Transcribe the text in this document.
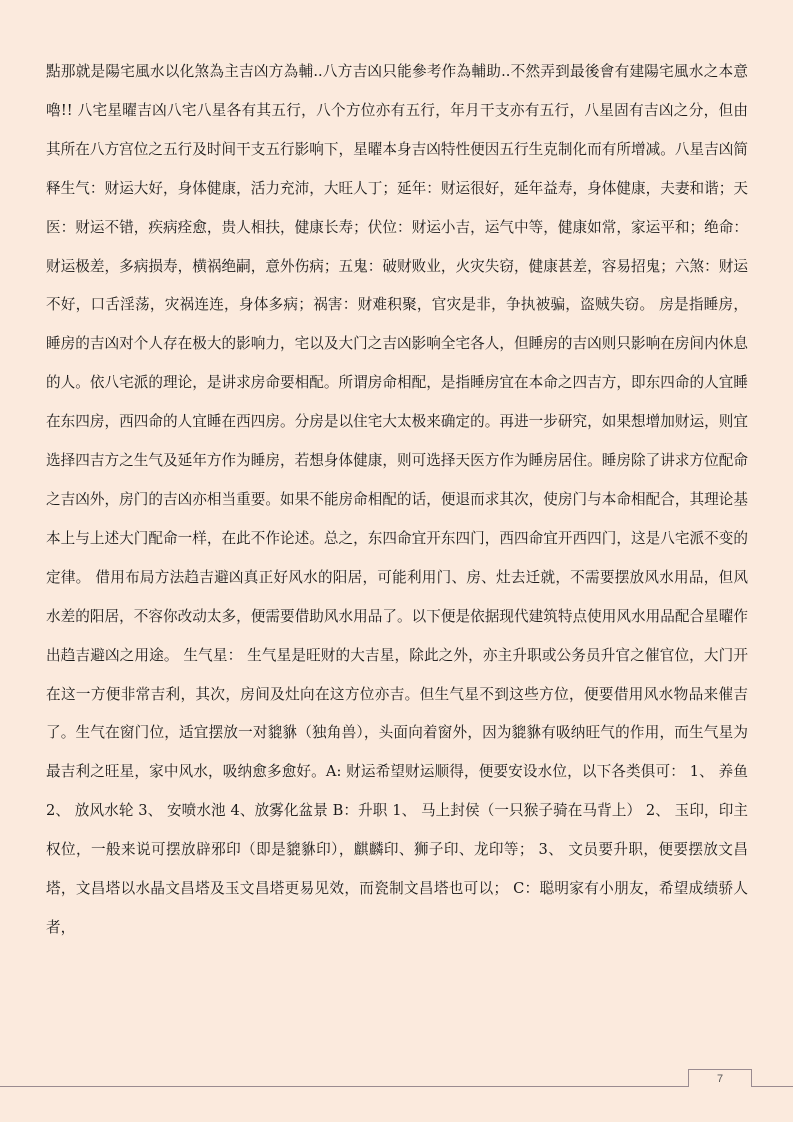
點那就是陽宅風水以化煞為主吉凶方為輔..八方吉凶只能參考作為輔助..不然弄到最後會有建陽宅風水之本意嚕!! 八宅星曜吉凶八宅八星各有其五行，八个方位亦有五行，年月干支亦有五行，八星固有吉凶之分，但由其所在八方宫位之五行及时间干支五行影响下，星曜本身吉凶特性便因五行生克制化而有所增减。八星吉凶简释生气：财运大好，身体健康，活力充沛，大旺人丁；延年：财运很好，延年益寿，身体健康，夫妻和谐；天医：财运不错，疾病痊愈，贵人相扶，健康长寿；伏位：财运小吉，运气中等，健康如常，家运平和；绝命：财运极差，多病损寿，横祸绝嗣，意外伤病；五鬼：破财败业，火灾失窃，健康甚差，容易招鬼；六煞：财运不好，口舌淫荡，灾祸连连，身体多病；祸害：财难积聚，官灾是非，争执被骗，盗贼失窃。 房是指睡房，睡房的吉凶对个人存在极大的影响力，宅以及大门之吉凶影响全宅各人，但睡房的吉凶则只影响在房间内休息的人。依八宅派的理论，是讲求房命要相配。所谓房命相配，是指睡房宜在本命之四吉方，即东四命的人宜睡在东四房，西四命的人宜睡在西四房。分房是以住宅大太极来确定的。再进一步研究，如果想增加财运，则宜选择四吉方之生气及延年方作为睡房，若想身体健康，则可选择天医方作为睡房居住。睡房除了讲求方位配命之吉凶外，房门的吉凶亦相当重要。如果不能房命相配的话，便退而求其次，使房门与本命相配合，其理论基本上与上述大门配命一样，在此不作论述。总之，东四命宜开东四门，西四命宜开西四门，这是八宅派不变的定律。 借用布局方法趋吉避凶真正好风水的阳居，可能利用门、房、灶去迁就，不需要摆放风水用品，但风水差的阳居，不容你改动太多，便需要借助风水用品了。以下便是依据现代建筑特点使用风水用品配合星曜作出趋吉避凶之用途。 生气星： 生气星是旺财的大吉星，除此之外，亦主升职或公务员升官之催官位，大门开在这一方便非常吉利，其次，房间及灶向在这方位亦吉。但生气星不到这些方位，便要借用风水物品来催吉了。生气在窗门位，适宜摆放一对貔貅（独角兽），头面向着窗外，因为貔貅有吸纳旺气的作用，而生气星为最吉利之旺星，家中风水，吸纳愈多愈好。A: 财运希望财运顺得，便要安设水位，以下各类俱可： 1、 养鱼 2、 放风水轮 3、 安喷水池 4、放雾化盆景 B：升职 1、 马上封侯（一只猴子骑在马背上） 2、 玉印，印主权位，一般来说可摆放辟邪印（即是貔貅印），麒麟印、狮子印、龙印等； 3、 文员要升职，便要摆放文昌塔，文昌塔以水晶文昌塔及玉文昌塔更易见效，而瓷制文昌塔也可以； C：聪明家有小朋友，希望成绩骄人者，

7
